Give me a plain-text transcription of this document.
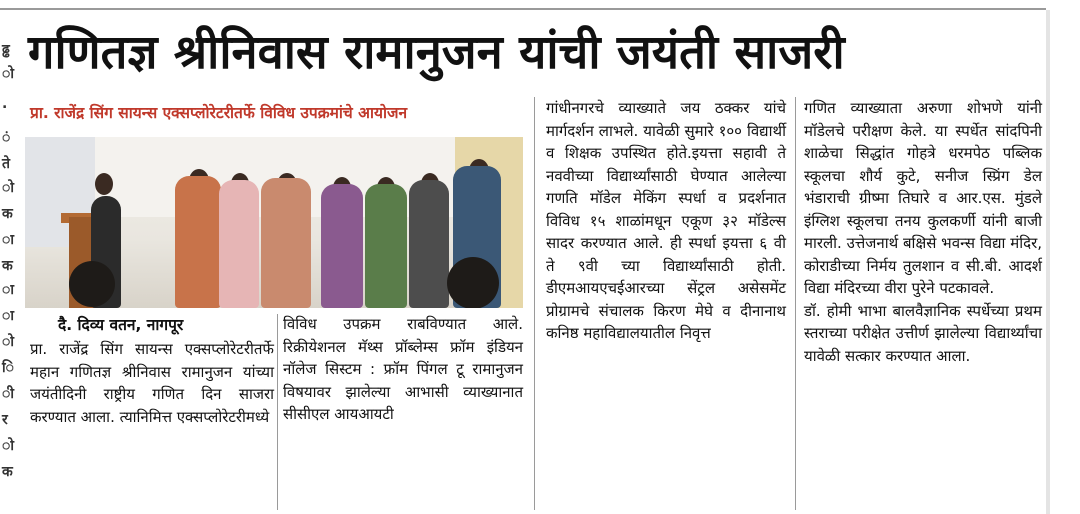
ढ्ढ
ो
.
ं
ते
ो
क
ा
क
ा
ा
ो
ि
ी
र
ो
क
गणितज्ञ श्रीनिवास रामानुजन यांची जयंती साजरी
प्रा. राजेंद्र सिंग सायन्स एक्सप्लोरेटरीतर्फे विविध उपक्रमांचे आयोजन
दै. दिव्य वतन, नागपूर

प्रा. राजेंद्र सिंग सायन्स एक्सप्लोरेटरीतर्फे महान गणितज्ञ श्रीनिवास रामानुजन यांच्या जयंतीदिनी राष्ट्रीय गणित दिन साजरा करण्यात आला. त्यानिमित्त एक्सप्लोरेटरीमध्ये

विविध उपक्रम राबविण्यात आले. रिक्रीयेशनल मॅथ्स प्रॉब्लेम्स फ्रॉम इंडियन नॉलेज सिस्टम : फ्रॉम पिंगल टू रामानुजन विषयावर झालेल्या आभासी व्याख्यानात सीसीएल आयआयटी

गांधीनगरचे व्याख्याते जय ठक्कर यांचे मार्गदर्शन लाभले. यावेळी सुमारे १०० विद्यार्थी व शिक्षक उपस्थित होते.इयत्ता सहावी ते नववीच्या विद्यार्थ्यांसाठी घेण्यात आलेल्या गणति मॉडेल मेकिंग स्पर्धा व प्रदर्शनात विविध १५ शाळांमधून एकूण ३२ मॉडेल्स सादर करण्यात आले. ही स्पर्धा इयत्ता ६ वी ते ९वी च्या विद्यार्थ्यांसाठी होती. डीएमआयएचईआरच्या सेंट्रल असेसमेंट प्रोग्रामचे संचालक किरण मेघे व दीनानाथ कनिष्ठ महाविद्यालयातील निवृत्त

गणित व्याख्याता अरुणा शोभणे यांनी मॉडेलचे परीक्षण केले. या स्पर्धेत सांदपिनी शाळेचा सिद्धांत गोहत्रे धरमपेठ पब्लिक स्कूलचा शौर्य कुटे, सनीज स्प्रिंग डेल भंडाराची ग्रीष्मा तिघारे व आर.एस. मुंडले इंग्लिश स्कूलचा तनय कुलकर्णी यांनी बाजी मारली. उत्तेजनार्थ बक्षिसे भवन्स विद्या मंदिर, कोराडीच्या निर्मय तुलशान व सी.बी. आदर्श विद्या मंदिरच्या वीरा पुरेने पटकावले.

डॉ. होमी भाभा बालवैज्ञानिक स्पर्धेच्या प्रथम स्तराच्या परीक्षेत उत्तीर्ण झालेल्या विद्यार्थ्यांचा यावेळी सत्कार करण्यात आला.
